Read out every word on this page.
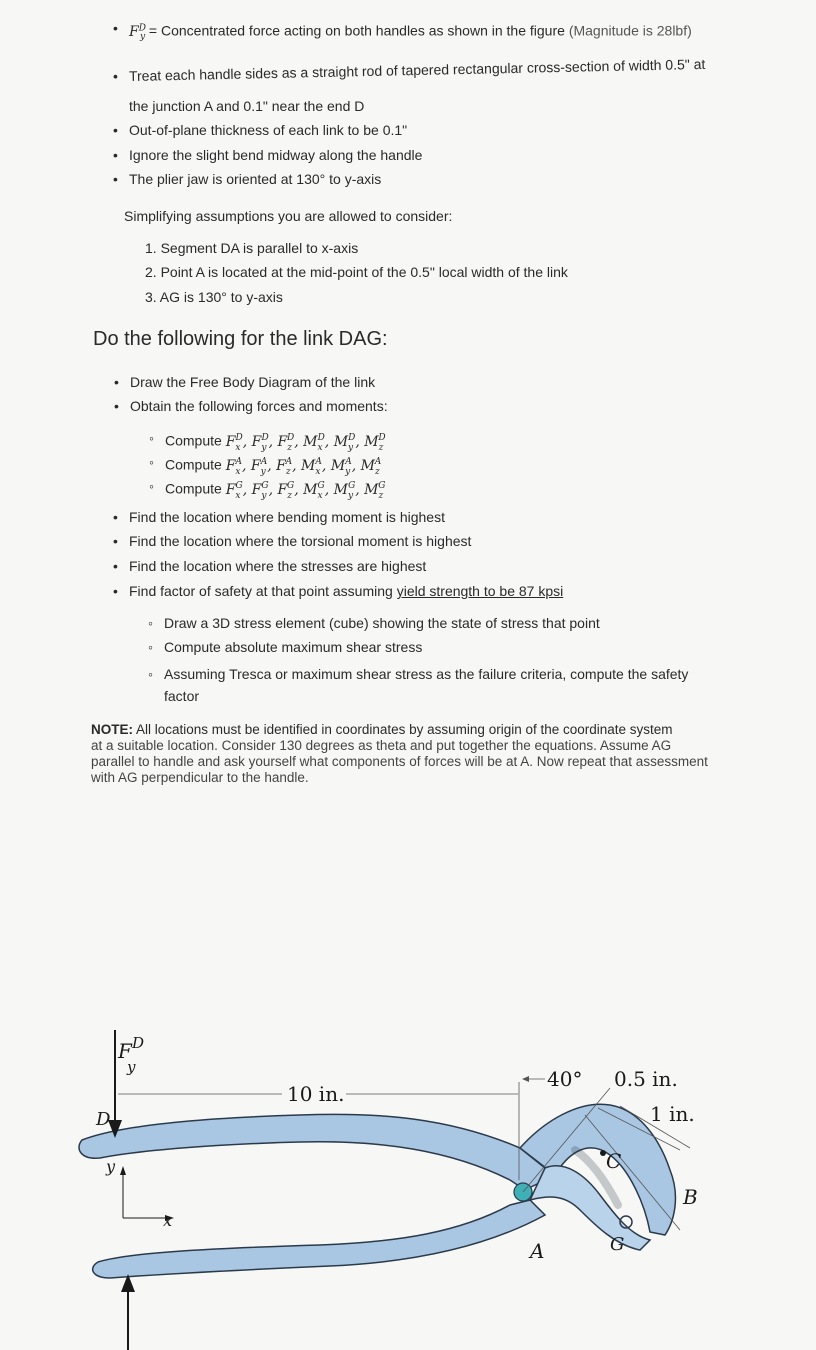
• $F^D_y$ = Concentrated force acting on both handles as shown in the figure (Magnitude is 28lbf)
• Treat each handle sides as a straight rod of tapered rectangular cross-section of width 0.5" at
the junction A and 0.1" near the end D
• Out-of-plane thickness of each link to be 0.1"
• Ignore the slight bend midway along the handle
• The plier jaw is oriented at 130° to y-axis
Simplifying assumptions you are allowed to consider:
1. Segment DA is parallel to x-axis
2. Point A is located at the mid-point of the 0.5" local width of the link
3. AG is 130° to y-axis
Do the following for the link DAG:
• Draw the Free Body Diagram of the link
• Obtain the following forces and moments:
◦ Compute $F_x^D$, $F_y^D$, $F_z^D$, $M_x^D$, $M_y^D$, $M_z^D$
◦ Compute $F_x^A$, $F_y^A$, $F_z^A$, $M_x^A$, $M_y^A$, $M_z^A$
◦ Compute $F_x^G$, $F_y^G$, $F_z^G$, $M_x^G$, $M_y^G$, $M_z^G$
• Find the location where bending moment is highest
• Find the location where the torsional moment is highest
• Find the location where the stresses are highest
• Find factor of safety at that point assuming yield strength to be 87 kpsi
◦ Draw a 3D stress element (cube) showing the state of stress that point
◦ Compute absolute maximum shear stress
◦ Assuming Tresca or maximum shear stress as the failure criteria, compute the safety
factor
NOTE: All locations must be identified in coordinates by assuming origin of the coordinate system
at a suitable location. Consider 130 degrees as theta and put together the equations. Assume AG
parallel to handle and ask yourself what components of forces will be at A. Now repeat that assessment
with AG perpendicular to the handle.
F D
y
D
y
x
10 in.
40° 0.5 in.
1 in.
C
B
A	G
